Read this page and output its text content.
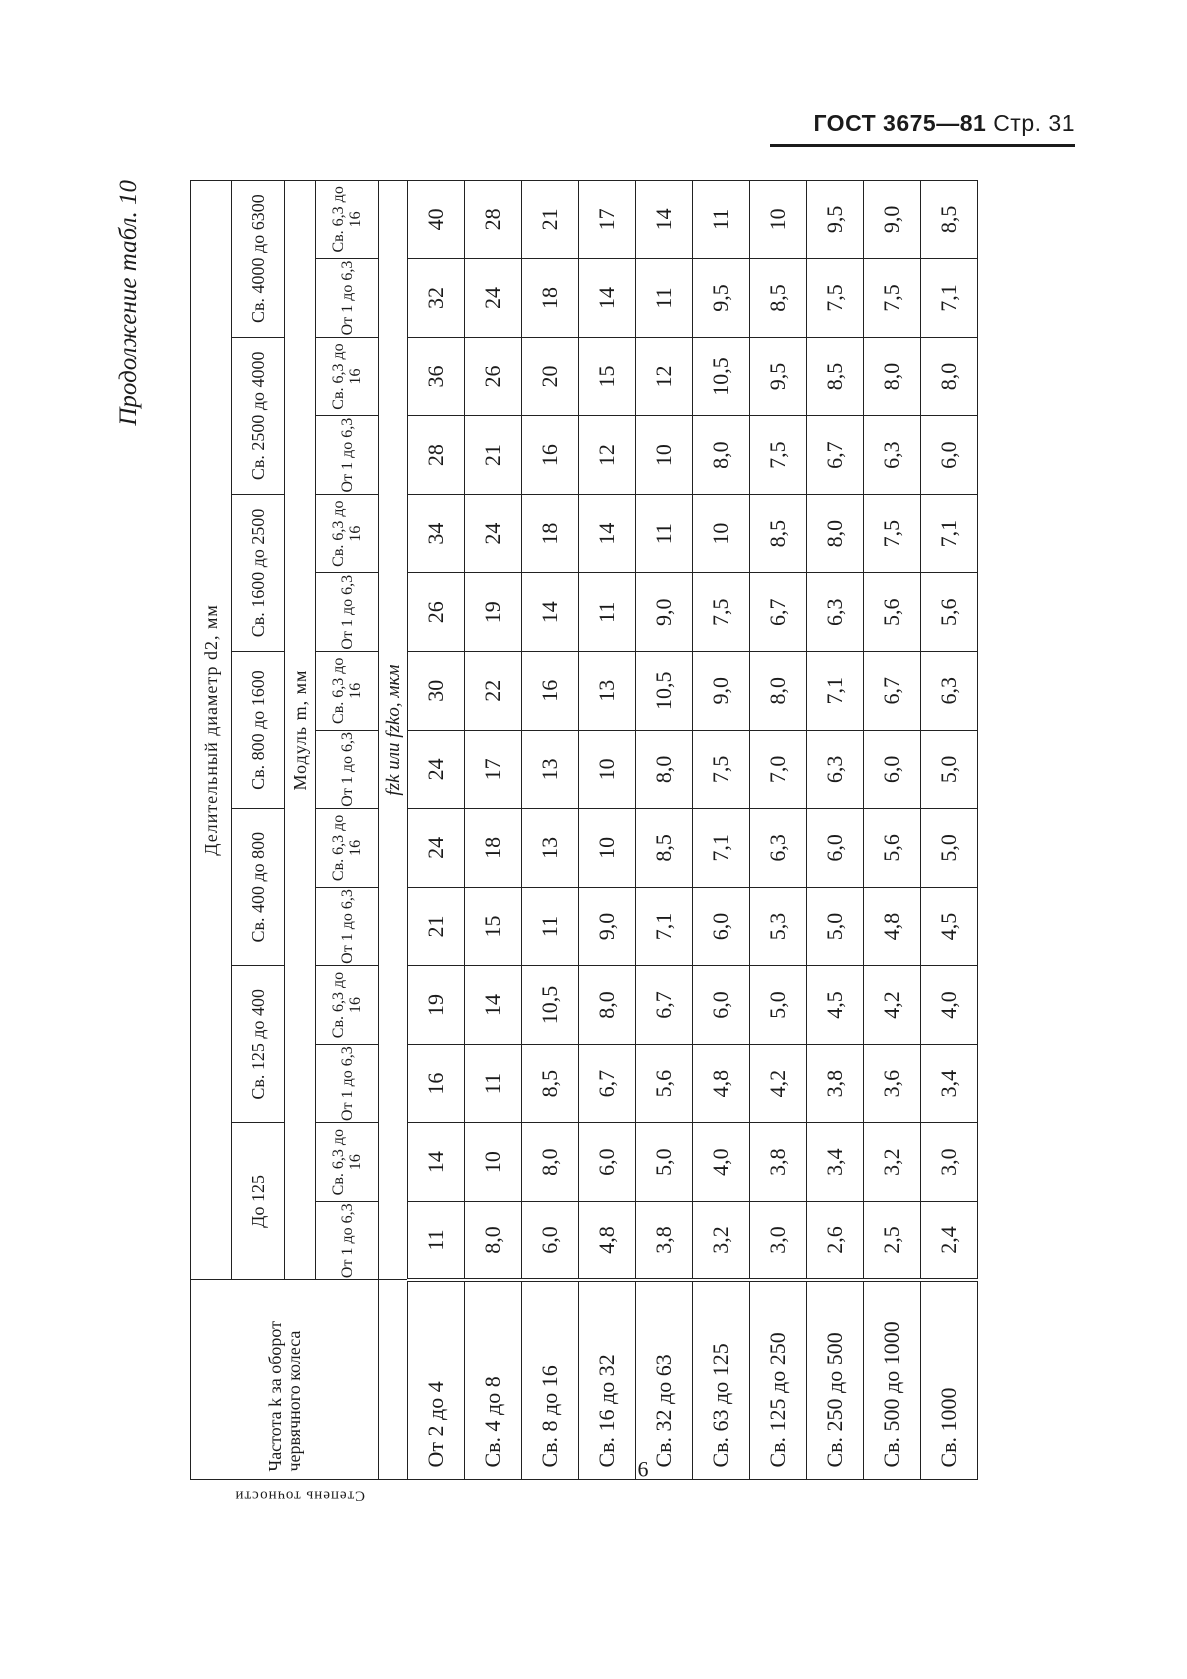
ГОСТ 3675—81 Стр. 31
Продолжение табл. 10
Степень точности	Частота k за оборот червячного колеса	Делительный диаметр d2, мм													
		До 125		Св. 125 до 400		Св. 400 до 800		Св. 800 до 1600		Св. 1600 до 2500		Св. 2500 до 4000		Св. 4000 до 6300	
		Модуль m, мм													
		От 1 до 6,3	Св. 6,3 до 16	От 1 до 6,3	Св. 6,3 до 16	От 1 до 6,3	Св. 6,3 до 16	От 1 до 6,3	Св. 6,3 до 16	От 1 до 6,3	Св. 6,3 до 16	От 1 до 6,3	Св. 6,3 до 16	От 1 до 6,3	Св. 6,3 до 16
		fzk или fzko, мкм													
	От 2 до 4	11	14	16	19	21	24	24	30	26	34	28	36	32	40
	Св. 4 до 8	8,0	10	11	14	15	18	17	22	19	24	21	26	24	28
	Св. 8 до 16	6,0	8,0	8,5	10,5	11	13	13	16	14	18	16	20	18	21
	Св. 16 до 32	4,8	6,0	6,7	8,0	9,0	10	10	13	11	14	12	15	14	17
	Св. 32 до 63	3,8	5,0	5,6	6,7	7,1	8,5	8,0	10,5	9,0	11	10	12	11	14
	Св. 63 до 125	3,2	4,0	4,8	6,0	6,0	7,1	7,5	9,0	7,5	10	8,0	10,5	9,5	11
	Св. 125 до 250	3,0	3,8	4,2	5,0	5,3	6,3	7,0	8,0	6,7	8,5	7,5	9,5	8,5	10
	Св. 250 до 500	2,6	3,4	3,8	4,5	5,0	6,0	6,3	7,1	6,3	8,0	6,7	8,5	7,5	9,5
	Св. 500 до 1000	2,5	3,2	3,6	4,2	4,8	5,6	6,0	6,7	5,6	7,5	6,3	8,0	7,5	9,0
	Св. 1000	2,4	3,0	3,4	4,0	4,5	5,0	5,0	6,3	5,6	7,1	6,0	8,0	7,1	8,5
6
